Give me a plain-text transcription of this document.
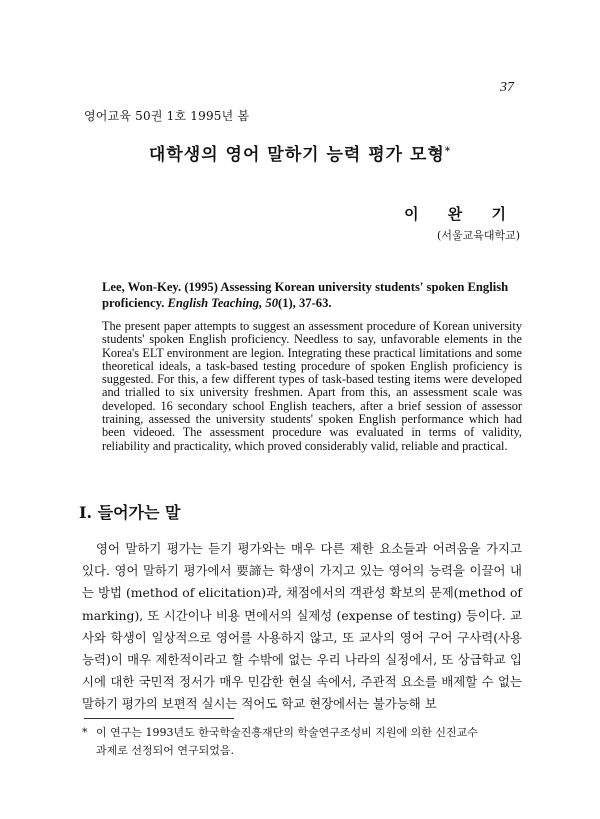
37
영어교육 50권 1호 1995년 봄
대학생의 영어 말하기 능력 평가 모형*
이 완 기
(서울교육대학교)
Lee, Won-Key. (1995) Assessing Korean university students' spoken English proficiency. English Teaching, 50(1), 37-63.
The present paper attempts to suggest an assessment procedure of Korean university students' spoken English proficiency. Needless to say, unfavorable elements in the Korea's ELT environment are legion. Integrating these practical limitations and some theoretical ideals, a task-based testing procedure of spoken English proficiency is suggested. For this, a few different types of task-based testing items were developed and trialled to six university freshmen. Apart from this, an assessment scale was developed. 16 secondary school English teachers, after a brief session of assessor training, assessed the university students' spoken English performance which had been videoed. The assessment procedure was evaluated in terms of validity, reliability and practicality, which proved considerably valid, reliable and practical.
I. 들어가는 말

영어 말하기 평가는 듣기 평가와는 매우 다른 제한 요소들과 어려움을 가지고 있다. 영어 말하기 평가에서 要諦는 학생이 가지고 있는 영어의 능력을 이끌어 내는 방법 (method of elicitation)과, 채점에서의 객관성 확보의 문제(method of marking), 또 시간이나 비용 면에서의 실제성 (expense of testing) 등이다. 교사와 학생이 일상적으로 영어를 사용하지 않고, 또 교사의 영어 구어 구사력(사용능력)이 매우 제한적이라고 할 수밖에 없는 우리 나라의 실정에서, 또 상급학교 입시에 대한 국민적 정서가 매우 민감한 현실 속에서, 주관적 요소를 배제할 수 없는 말하기 평가의 보편적 실시는 적어도 학교 현장에서는 불가능해 보

* 이 연구는 1993년도 한국학술진흥재단의 학술연구조성비 지원에 의한 신진교수
과제로 선정되어 연구되었음.
